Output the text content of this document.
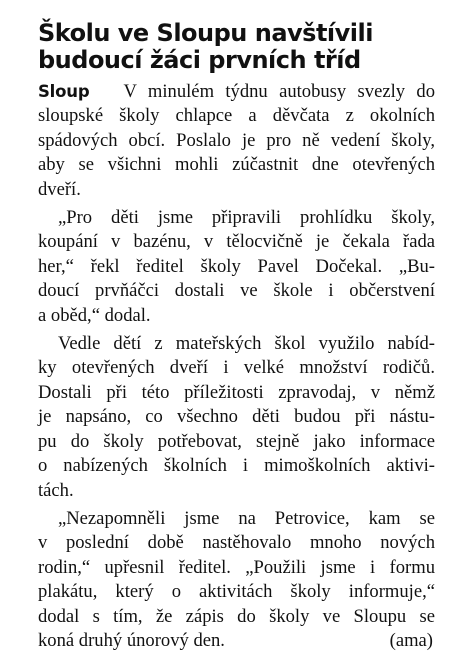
Školu ve Sloupu navštívili
budoucí žáci prvních tříd
Sloup V minulém týdnu autobusy svezly do
sloupské školy chlapce a děvčata z okolních
spádových obcí. Poslalo je pro ně vedení školy,
aby se všichni mohli zúčastnit dne otevřených
dveří.
„Pro děti jsme připravili prohlídku školy,
koupání v bazénu, v tělocvičně je čekala řada
her,“ řekl ředitel školy Pavel Dočekal. „Bu-
doucí prvňáčci dostali ve škole i občerstvení
a oběd,“ dodal.
Vedle dětí z mateřských škol využilo nabíd-
ky otevřených dveří i velké množství rodičů.
Dostali při této příležitosti zpravodaj, v němž
je napsáno, co všechno děti budou při nástu-
pu do školy potřebovat, stejně jako informace
o nabízených školních i mimoškolních aktivi-
tách.
„Nezapomněli jsme na Petrovice, kam se
v poslední době nastěhovalo mnoho nových
rodin,“ upřesnil ředitel. „Použili jsme i formu
plakátu, který o aktivitách školy informuje,“
dodal s tím, že zápis do školy ve Sloupu se
koná druhý únorový den.	(ama)
